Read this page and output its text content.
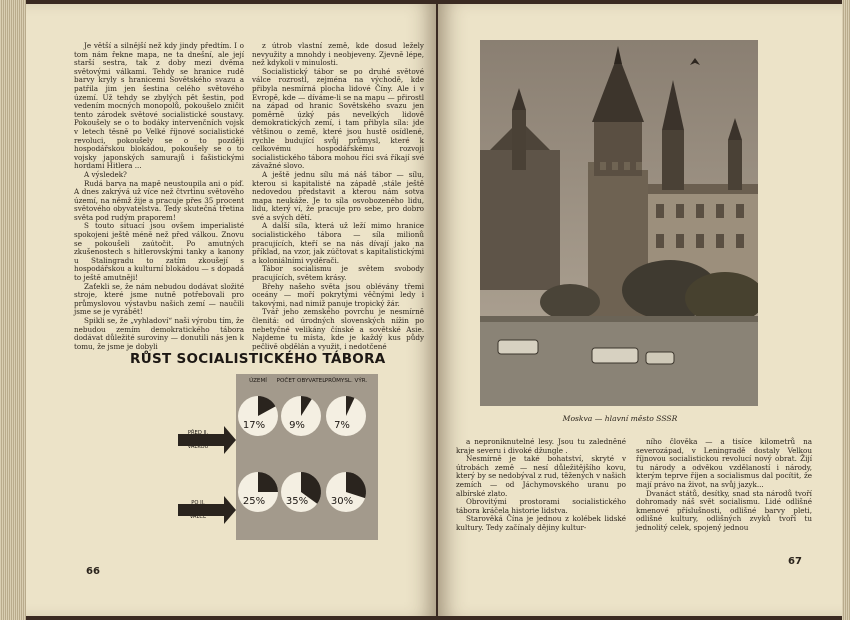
Je větší a silnější než kdy jindy předtím. I o tom nám řekne mapa, ne ta dnešní, ale její starší sestra, tak z doby mezi dvěma světovými válkami. Tehdy se hranice rudě barvy kryly s hranicemi Sovětského svazu a patřila jim jen šestina celého světového území. Už tehdy se zbylých pět šestin, pod vedením mocných monopolů, pokoušelo zničit tento zárodek světové socialistické soustavy. Pokoušely se o to bodáky intervenčních vojsk v letech těsně po Velké říjnové socialistické revoluci, pokoušely se o to později hospodářskou blokádou, pokoušely se o to vojsky japonských samurajů i fašistickými hordami Hitlera ...

A výsledek?

Rudá barva na mapě neustoupila ani o píď. A dnes zakrývá už více než čtvrtinu světového území, na němž žije a pracuje přes 35 procent světového obyvatelstva. Tedy skutečná třetina světa pod rudým praporem!

S touto situací jsou ovšem imperialisté spokojeni ještě méně než před válkou. Znovu se pokoušeli zaútočit. Po amutných zkušenostech s hitlerovskými tanky a kanony u Stalingradu to zatím zkoušejí s hospodářskou a kulturní blokádou — s dopadá to ještě amutněji!

Zaťekli se, že nám nebudou dodávat složité stroje, které jsme nutně potřebovali pro průmyslovou výstavbu našich zemí — naučili jsme se je vyrábět!

Spikli se, že „vyhladoví“ naši výrobu tím, že nebudou zemím demokratického tábora dodávat důležité suroviny — donutili nás jen k tomu, že jsme je dobyli

z útrob vlastní země, kde dosud ležely nevyužity a mnohdy i neobjeveny. Zjevně lépe, než kdykoli v minulosti.

Socialistický tábor se po druhé světové válce rozrostl, zejména na východě, kde přibyla nesmírná plocha lidové Číny. Ale i v Evropě, kde — díváme-li se na mapu — přirostl na západ od hranic Sovětského svazu jen poměrně úzký pás nevelkých lidově demokratických zemí, i tam přibyla síla: jde většinou o země, které jsou hustě osídlené, rychle budující svůj průmysl, které k celkovému hospodářskému rozvoji socialistického tábora mohou říci svá říkají své závažné slovo.

A ještě jednu sílu má náš tábor — sílu, kterou si kapitalisté na západě ,stále ještě nedovedou představit a kterou nám sotva mapa neukáže. Je to síla osvobozeného lidu, lidu, který ví, že pracuje pro sebe, pro dobro své a svých dětí.

A další síla, která už leží mimo hranice socialistického tábora — síla milionů pracujících, kteří se na nás dívají jako na příklad, na vzor, jak zúčtovat s kapitalistickými a koloniálními vyděrači.

Tábor socialismu je světem svobody pracujících, světem krásy.

Břehy našeho světa jsou oblévány třemi oceány — moří pokrytými věčnými ledy i takovými, nad nimiž panuje tropický žár.

Tvář jeho zemského povrchu je nesmírně členitá: od úrodných slovenských nížin po nebetyčné velikány čínské a sovětské Asie. Najdeme tu místa, kde je každý kus půdy pečlivě obdělán a využit, i nedotčené

66
RŮST SOCIALISTICKÉHO TÁBORA
ÚZEMÍ POČET OBYVATEL PRŮMYSL. VÝR.
PŘED II.
VÁLKOU
PO II.
VÁLCE
17% 9%	7%
25% 35% 30%

a neproniknutelné lesy. Jsou tu zaledněné kraje severu i divoké džungle .

Nesmírně je také bohatství, skryté v útrobách země — nesí důležitějšího kovu, který by se nedobýval z rud, těžených v našich zemích — od Jáchymovského uranu po albírské zlato.

Obrovitými prostorami socialistického tábora kráčela historie lidstva.

Starověká Čína je jednou z kolébek lidské kultury. Tedy začínaly dějiny kultur-

ního člověka — a tisíce kilometrů na severozápad, v Leningradě dostaly Velkou říjnovou socialistickou revolucí nový obrat. Žijí tu národy a odvěkou vzdělaností i národy, kterým teprve říjen a socialismus dal pocítit, že mají právo na život, na svůj jazyk...

Dvanáct států, desítky, snad sta národů tvoří dohromady náš svět socialismu. Lidé odlišné kmenové příslušnosti, odlišné barvy pleti, odlišné kultury, odlišných zvyků tvoří tu jednolitý celek, spojený jednou

67
Moskva — hlavní město SSSR
